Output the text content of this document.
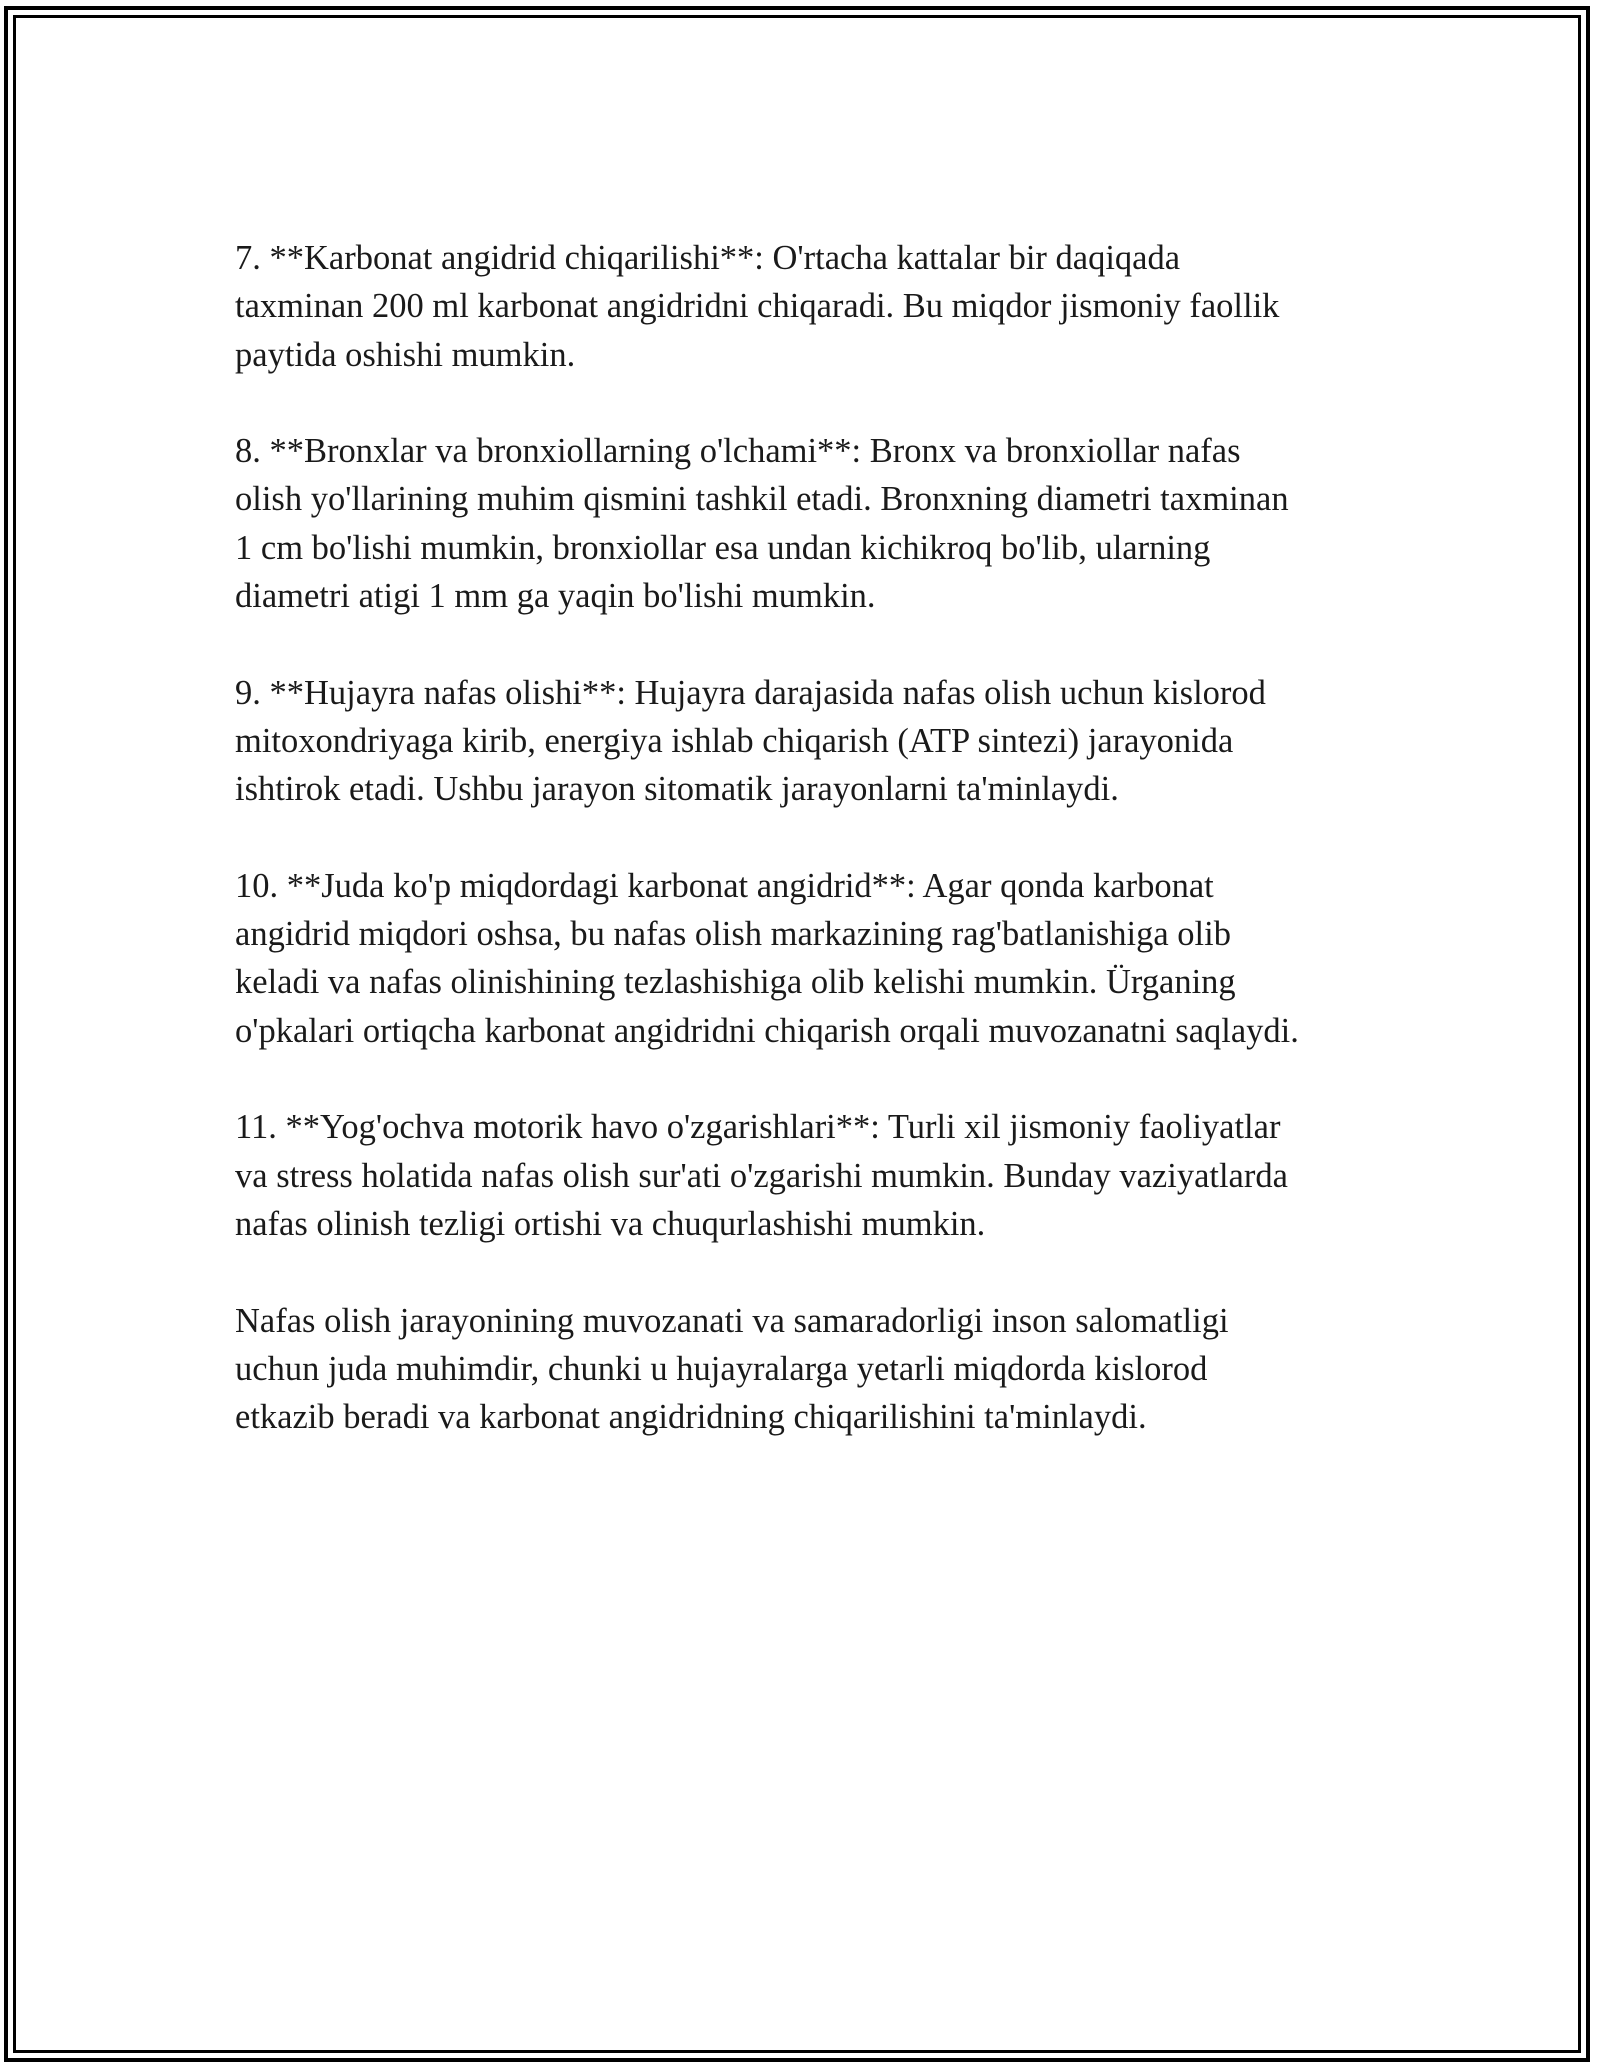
7. **Karbonat angidrid chiqarilishi**: O'rtacha kattalar bir daqiqada
taxminan 200 ml karbonat angidridni chiqaradi. Bu miqdor jismoniy faollik
paytida oshishi mumkin.

8. **Bronxlar va bronxiollarning o'lchami**: Bronx va bronxiollar nafas
olish yo'llarining muhim qismini tashkil etadi. Bronxning diametri taxminan
1 cm bo'lishi mumkin, bronxiollar esa undan kichikroq bo'lib, ularning
diametri atigi 1 mm ga yaqin bo'lishi mumkin.

9. **Hujayra nafas olishi**: Hujayra darajasida nafas olish uchun kislorod
mitoxondriyaga kirib, energiya ishlab chiqarish (ATP sintezi) jarayonida
ishtirok etadi. Ushbu jarayon sitomatik jarayonlarni ta'minlaydi.

10. **Juda ko'p miqdordagi karbonat angidrid**: Agar qonda karbonat
angidrid miqdori oshsa, bu nafas olish markazining rag'batlanishiga olib
keladi va nafas olinishining tezlashishiga olib kelishi mumkin. Ürganing
o'pkalari ortiqcha karbonat angidridni chiqarish orqali muvozanatni saqlaydi.

11. **Yog'ochva motorik havo o'zgarishlari**: Turli xil jismoniy faoliyatlar
va stress holatida nafas olish sur'ati o'zgarishi mumkin. Bunday vaziyatlarda
nafas olinish tezligi ortishi va chuqurlashishi mumkin.

Nafas olish jarayonining muvozanati va samaradorligi inson salomatligi
uchun juda muhimdir, chunki u hujayralarga yetarli miqdorda kislorod
etkazib beradi va karbonat angidridning chiqarilishini ta'minlaydi.
